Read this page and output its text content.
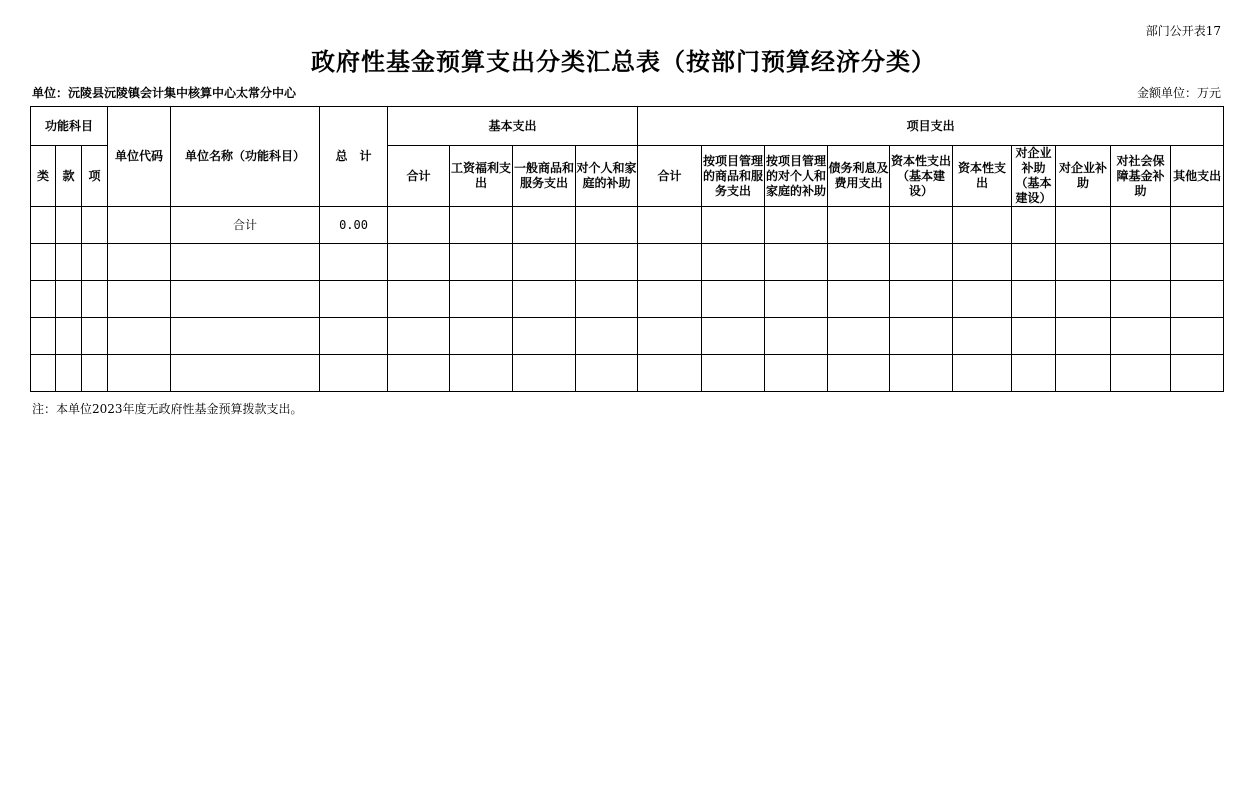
部门公开表17
政府性基金预算支出分类汇总表（按部门预算经济分类）
单位：沅陵县沅陵镇会计集中核算中心太常分中心	金额单位：万元
功能科目			单位代码	单位名称（功能科目）	总　计	基本支出				项目支出									
类	款	项				合计	工资福利支出	一般商品和服务支出	对个人和家庭的补助	合计	按项目管理的商品和服务支出	按项目管理的对个人和家庭的补助	债务利息及费用支出	资本性支出（基本建设）	资本性支出	对企业补助（基本建设）	对企业补助	对社会保障基金补助	其他支出
				合计	0.00														

注：本单位2023年度无政府性基金预算拨款支出。
